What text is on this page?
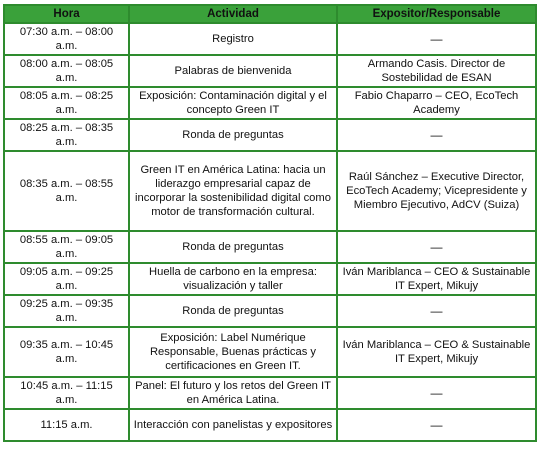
Hora	Actividad	Expositor/Responsable
07:30 a.m. – 08:00 a.m.	Registro	—
08:00 a.m. – 08:05 a.m.	Palabras de bienvenida	Armando Casis. Director de Sostebilidad de ESAN
08:05 a.m. – 08:25 a.m.	Exposición: Contaminación digital y el concepto Green IT	Fabio Chaparro – CEO, EcoTech Academy
08:25 a.m. – 08:35 a.m.	Ronda de preguntas	—
08:35 a.m. – 08:55 a.m.	Green IT en América Latina: hacia un liderazgo empresarial capaz de incorporar la sostenibilidad digital como motor de transformación cultural.	Raúl Sánchez – Executive Director, EcoTech Academy; Vicepresidente y Miembro Ejecutivo, AdCV (Suiza)
08:55 a.m. – 09:05 a.m.	Ronda de preguntas	—
09:05 a.m. – 09:25 a.m.	Huella de carbono en la empresa: visualización y taller	Iván Mariblanca – CEO & Sustainable IT Expert, Mikujy
09:25 a.m. – 09:35 a.m.	Ronda de preguntas	—
09:35 a.m. – 10:45 a.m.	Exposición: Label Numérique Responsable, Buenas prácticas y certificaciones en Green IT.	Iván Mariblanca – CEO & Sustainable IT Expert, Mikujy
10:45 a.m. – 11:15 a.m.	Panel: El futuro y los retos del Green IT en América Latina.	—
11:15 a.m.	Interacción con panelistas y expositores	—
